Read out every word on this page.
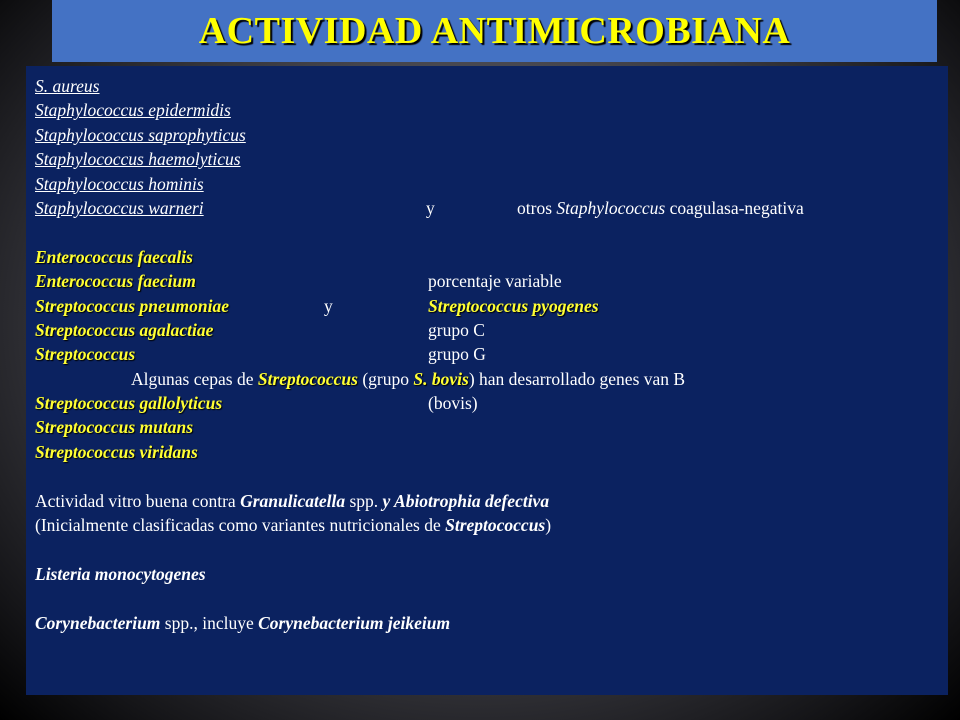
ACTIVIDAD ANTIMICROBIANA
S. aureus
Staphylococcus epidermidis
Staphylococcus saprophyticus
Staphylococcus haemolyticus
Staphylococcus hominis
Staphylococcus warneri	y	otros Staphylococcus coagulasa-negativa
Enterococcus faecalis
Enterococcus faecium	porcentaje variable
Streptococcus pneumoniae	y	Streptococcus pyogenes
Streptococcus agalactiae	grupo C
Streptococcus	grupo G
Algunas cepas de Streptococcus (grupo S. bovis) han desarrollado genes van B
Streptococcus gallolyticus	(bovis)
Streptococcus mutans
Streptococcus viridans
Actividad vitro buena contra Granulicatella spp. y Abiotrophia defectiva
(Inicialmente clasificadas como variantes nutricionales de Streptococcus)
Listeria monocytogenes
Corynebacterium spp., incluye Corynebacterium jeikeium
